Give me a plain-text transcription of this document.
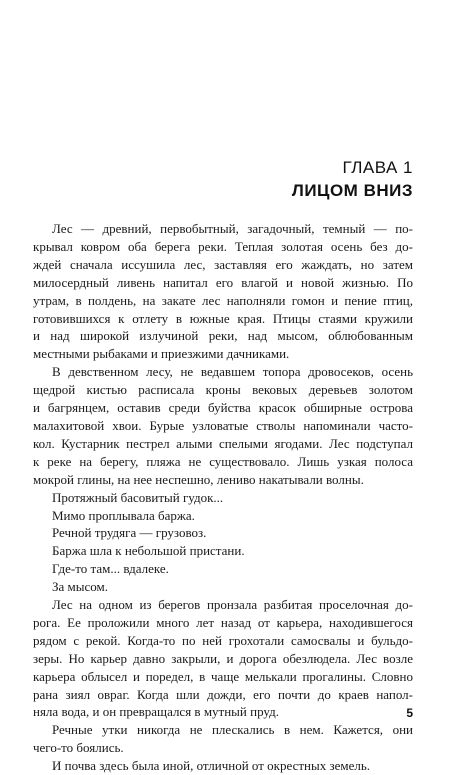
ГЛАВА 1
ЛИЦОМ ВНИЗ
Лес — древний, первобытный, загадочный, темный — по-
крывал ковром оба берега реки. Теплая золотая осень без до-
ждей сначала иссушила лес, заставляя его жаждать, но затем
милосердный ливень напитал его влагой и новой жизнью. По
утрам, в полдень, на закате лес наполняли гомон и пение птиц,
готовившихся к отлету в южные края. Птицы стаями кружили
и над широкой излучиной реки, над мысом, облюбованным
местными рыбаками и приезжими дачниками.
В девственном лесу, не ведавшем топора дровосеков, осень
щедрой кистью расписала кроны вековых деревьев золотом
и багрянцем, оставив среди буйства красок обширные острова
малахитовой хвои. Бурые узловатые стволы напоминали часто-
кол. Кустарник пестрел алыми спелыми ягодами. Лес подступал
к реке на берегу, пляжа не существовало. Лишь узкая полоса
мокрой глины, на нее неспешно, лениво накатывали волны.
Протяжный басовитый гудок...
Мимо проплывала баржа.
Речной трудяга — грузовоз.
Баржа шла к небольшой пристани.
Где-то там... вдалеке.
За мысом.
Лес на одном из берегов пронзала разбитая проселочная до-
рога. Ее проложили много лет назад от карьера, находившегося
рядом с рекой. Когда-то по ней грохотали самосвалы и бульдо-
зеры. Но карьер давно закрыли, и дорога обезлюдела. Лес возле
карьера облысел и поредел, в чаще мелькали прогалины. Словно
рана зиял овраг. Когда шли дожди, его почти до краев напол-
няла вода, и он превращался в мутный пруд.
Речные утки никогда не плескались в нем. Кажется, они
чего-то боялись.
И почва здесь была иной, отличной от окрестных земель.
5
